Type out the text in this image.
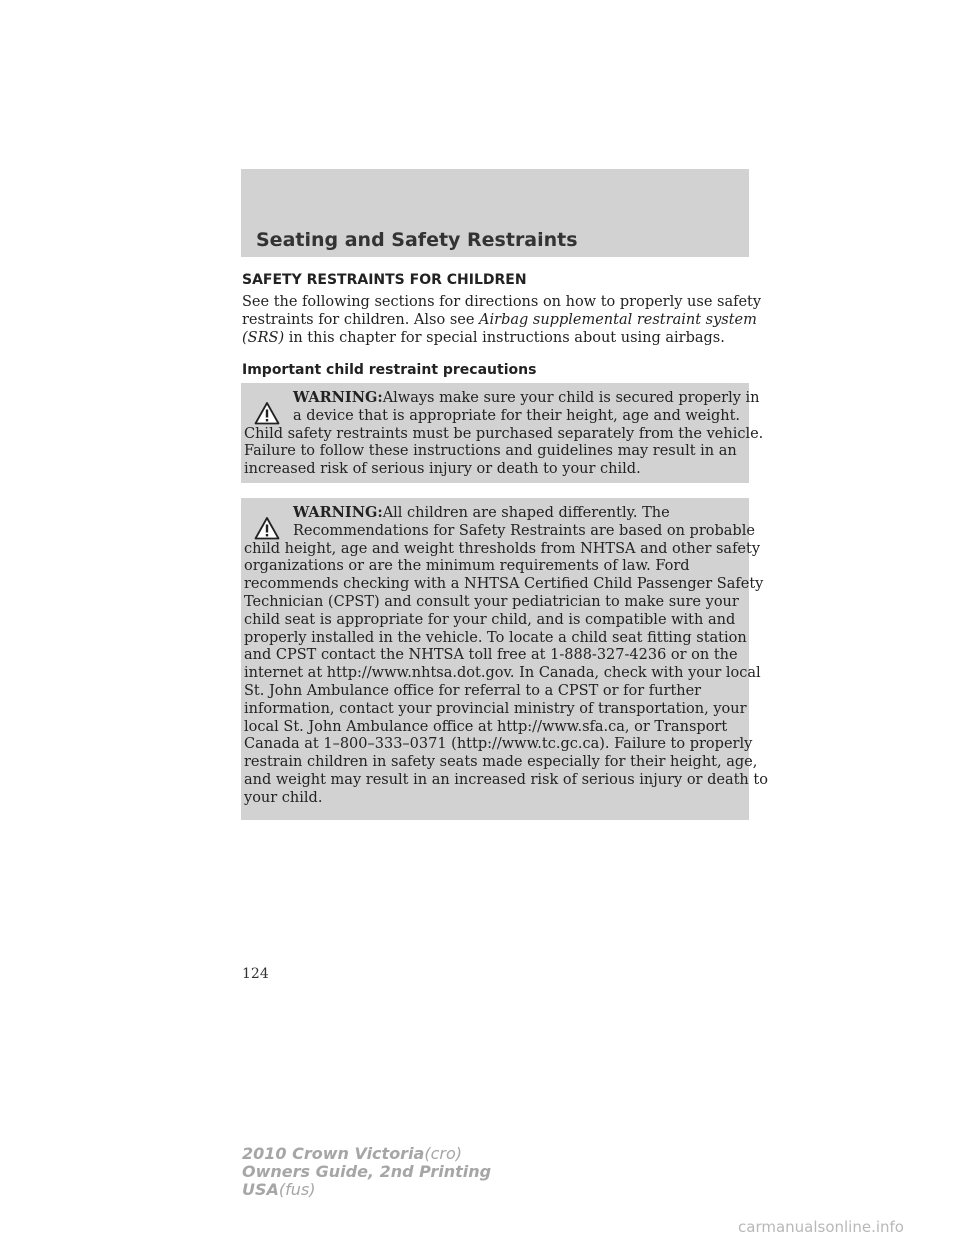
Seating and Safety Restraints
SAFETY RESTRAINTS FOR CHILDREN
See the following sections for directions on how to properly use safety
restraints for children. Also see Airbag supplemental restraint system
(SRS) in this chapter for special instructions about using airbags.
Important child restraint precautions
WARNING:Always make sure your child is secured properly in
a device that is appropriate for their height, age and weight.
Child safety restraints must be purchased separately from the vehicle.
Failure to follow these instructions and guidelines may result in an
increased risk of serious injury or death to your child.
WARNING:All children are shaped differently. The
Recommendations for Safety Restraints are based on probable
child height, age and weight thresholds from NHTSA and other safety
organizations or are the minimum requirements of law. Ford
recommends checking with a NHTSA Certified Child Passenger Safety
Technician (CPST) and consult your pediatrician to make sure your
child seat is appropriate for your child, and is compatible with and
properly installed in the vehicle. To locate a child seat fitting station
and CPST contact the NHTSA toll free at 1-888-327-4236 or on the
internet at http://www.nhtsa.dot.gov. In Canada, check with your local
St. John Ambulance office for referral to a CPST or for further
information, contact your provincial ministry of transportation, your
local St. John Ambulance office at http://www.sfa.ca, or Transport
Canada at 1–800–333–0371 (http://www.tc.gc.ca). Failure to properly
restrain children in safety seats made especially for their height, age,
and weight may result in an increased risk of serious injury or death to
your child.
124
2010 Crown Victoria(cro)
Owners Guide, 2nd Printing
USA(fus)
carmanualsonline.info
